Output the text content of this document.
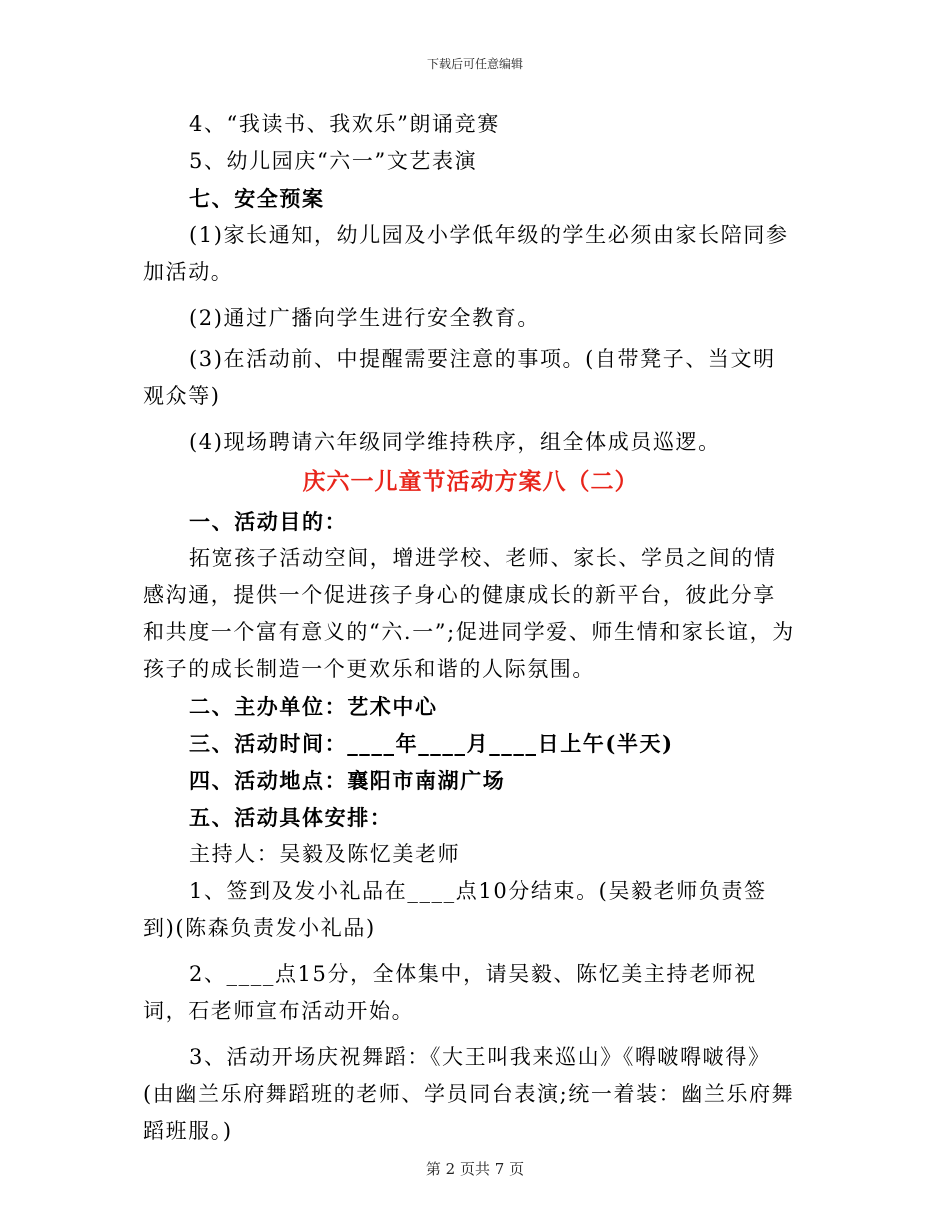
下载后可任意编辑

4、“我读书、我欢乐”朗诵竞赛

5、幼儿园庆“六一”文艺表演

七、安全预案

(1)家长通知，幼儿园及小学低年级的学生必须由家长陪同参加活动。

(2)通过广播向学生进行安全教育。

(3)在活动前、中提醒需要注意的事项。(自带凳子、当文明观众等)

(4)现场聘请六年级同学维持秩序，组全体成员巡逻。

庆六一儿童节活动方案八（二）

一、活动目的：

拓宽孩子活动空间，增进学校、老师、家长、学员之间的情感沟通，提供一个促进孩子身心的健康成长的新平台，彼此分享和共度一个富有意义的“六.一”;促进同学爱、师生情和家长谊，为孩子的成长制造一个更欢乐和谐的人际氛围。

二、主办单位：艺术中心

三、活动时间：____年____月____日上午(半天)

四、活动地点：襄阳市南湖广场

五、活动具体安排：

主持人：吴毅及陈忆美老师

1、签到及发小礼品在____点10分结束。(吴毅老师负责签到)(陈森负责发小礼品)

2、____点15分，全体集中，请吴毅、陈忆美主持老师祝词，石老师宣布活动开始。

3、活动开场庆祝舞蹈：《大王叫我来巡山》《嘚啵嘚啵得》(由幽兰乐府舞蹈班的老师、学员同台表演;统一着装：幽兰乐府舞蹈班服。)

第 2 页共 7 页
